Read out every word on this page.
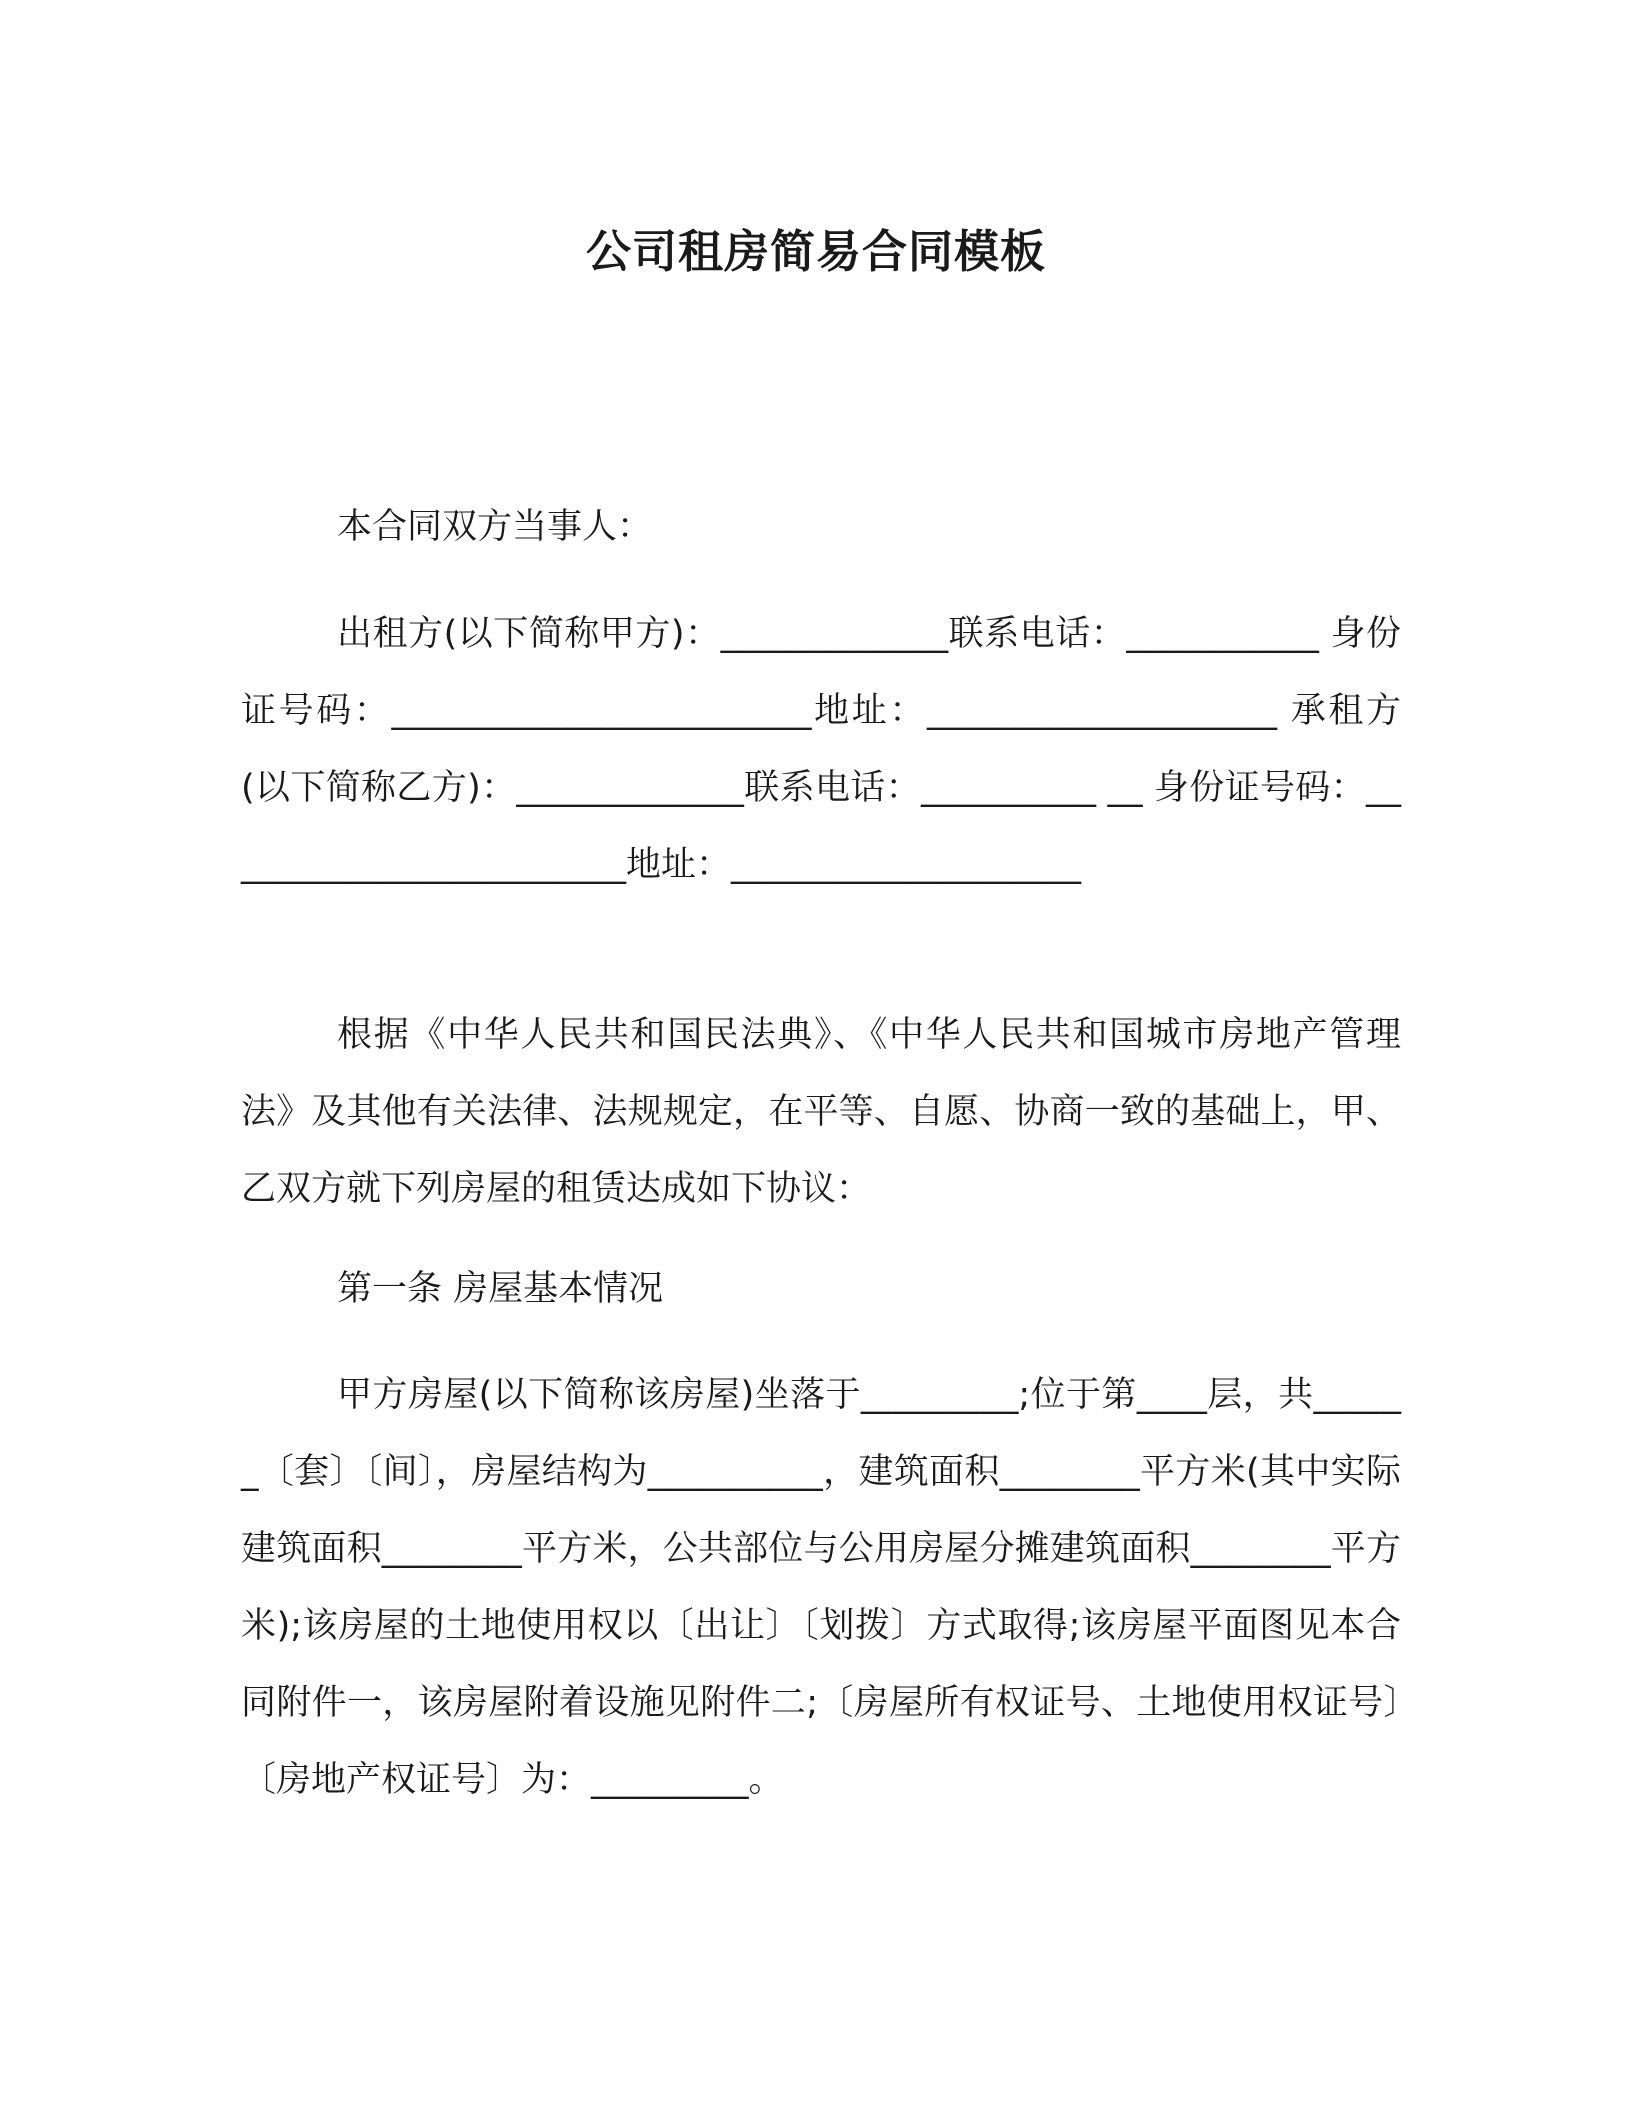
公司租房简易合同模板

本合同双方当事人：

出租方(以下简称甲方)：_____________联系电话：___________ 身份证号码：________________________地址：____________________ 承租方(以下简称乙方)：_____________联系电话：__________ __ 身份证号码：________________________地址：____________________

根据《中华人民共和国民法典》、《中华人民共和国城市房地产管理法》及其他有关法律、法规规定，在平等、自愿、协商一致的基础上，甲、乙双方就下列房屋的租赁达成如下协议：

第一条 房屋基本情况

甲方房屋(以下简称该房屋)坐落于_________;位于第____层，共______〔套〕〔间〕，房屋结构为__________，建筑面积________平方米(其中实际建筑面积________平方米，公共部位与公用房屋分摊建筑面积________平方米);该房屋的土地使用权以〔出让〕〔划拨〕方式取得;该房屋平面图见本合同附件一，该房屋附着设施见附件二;〔房屋所有权证号、土地使用权证号〕〔房地产权证号〕为：_________。
